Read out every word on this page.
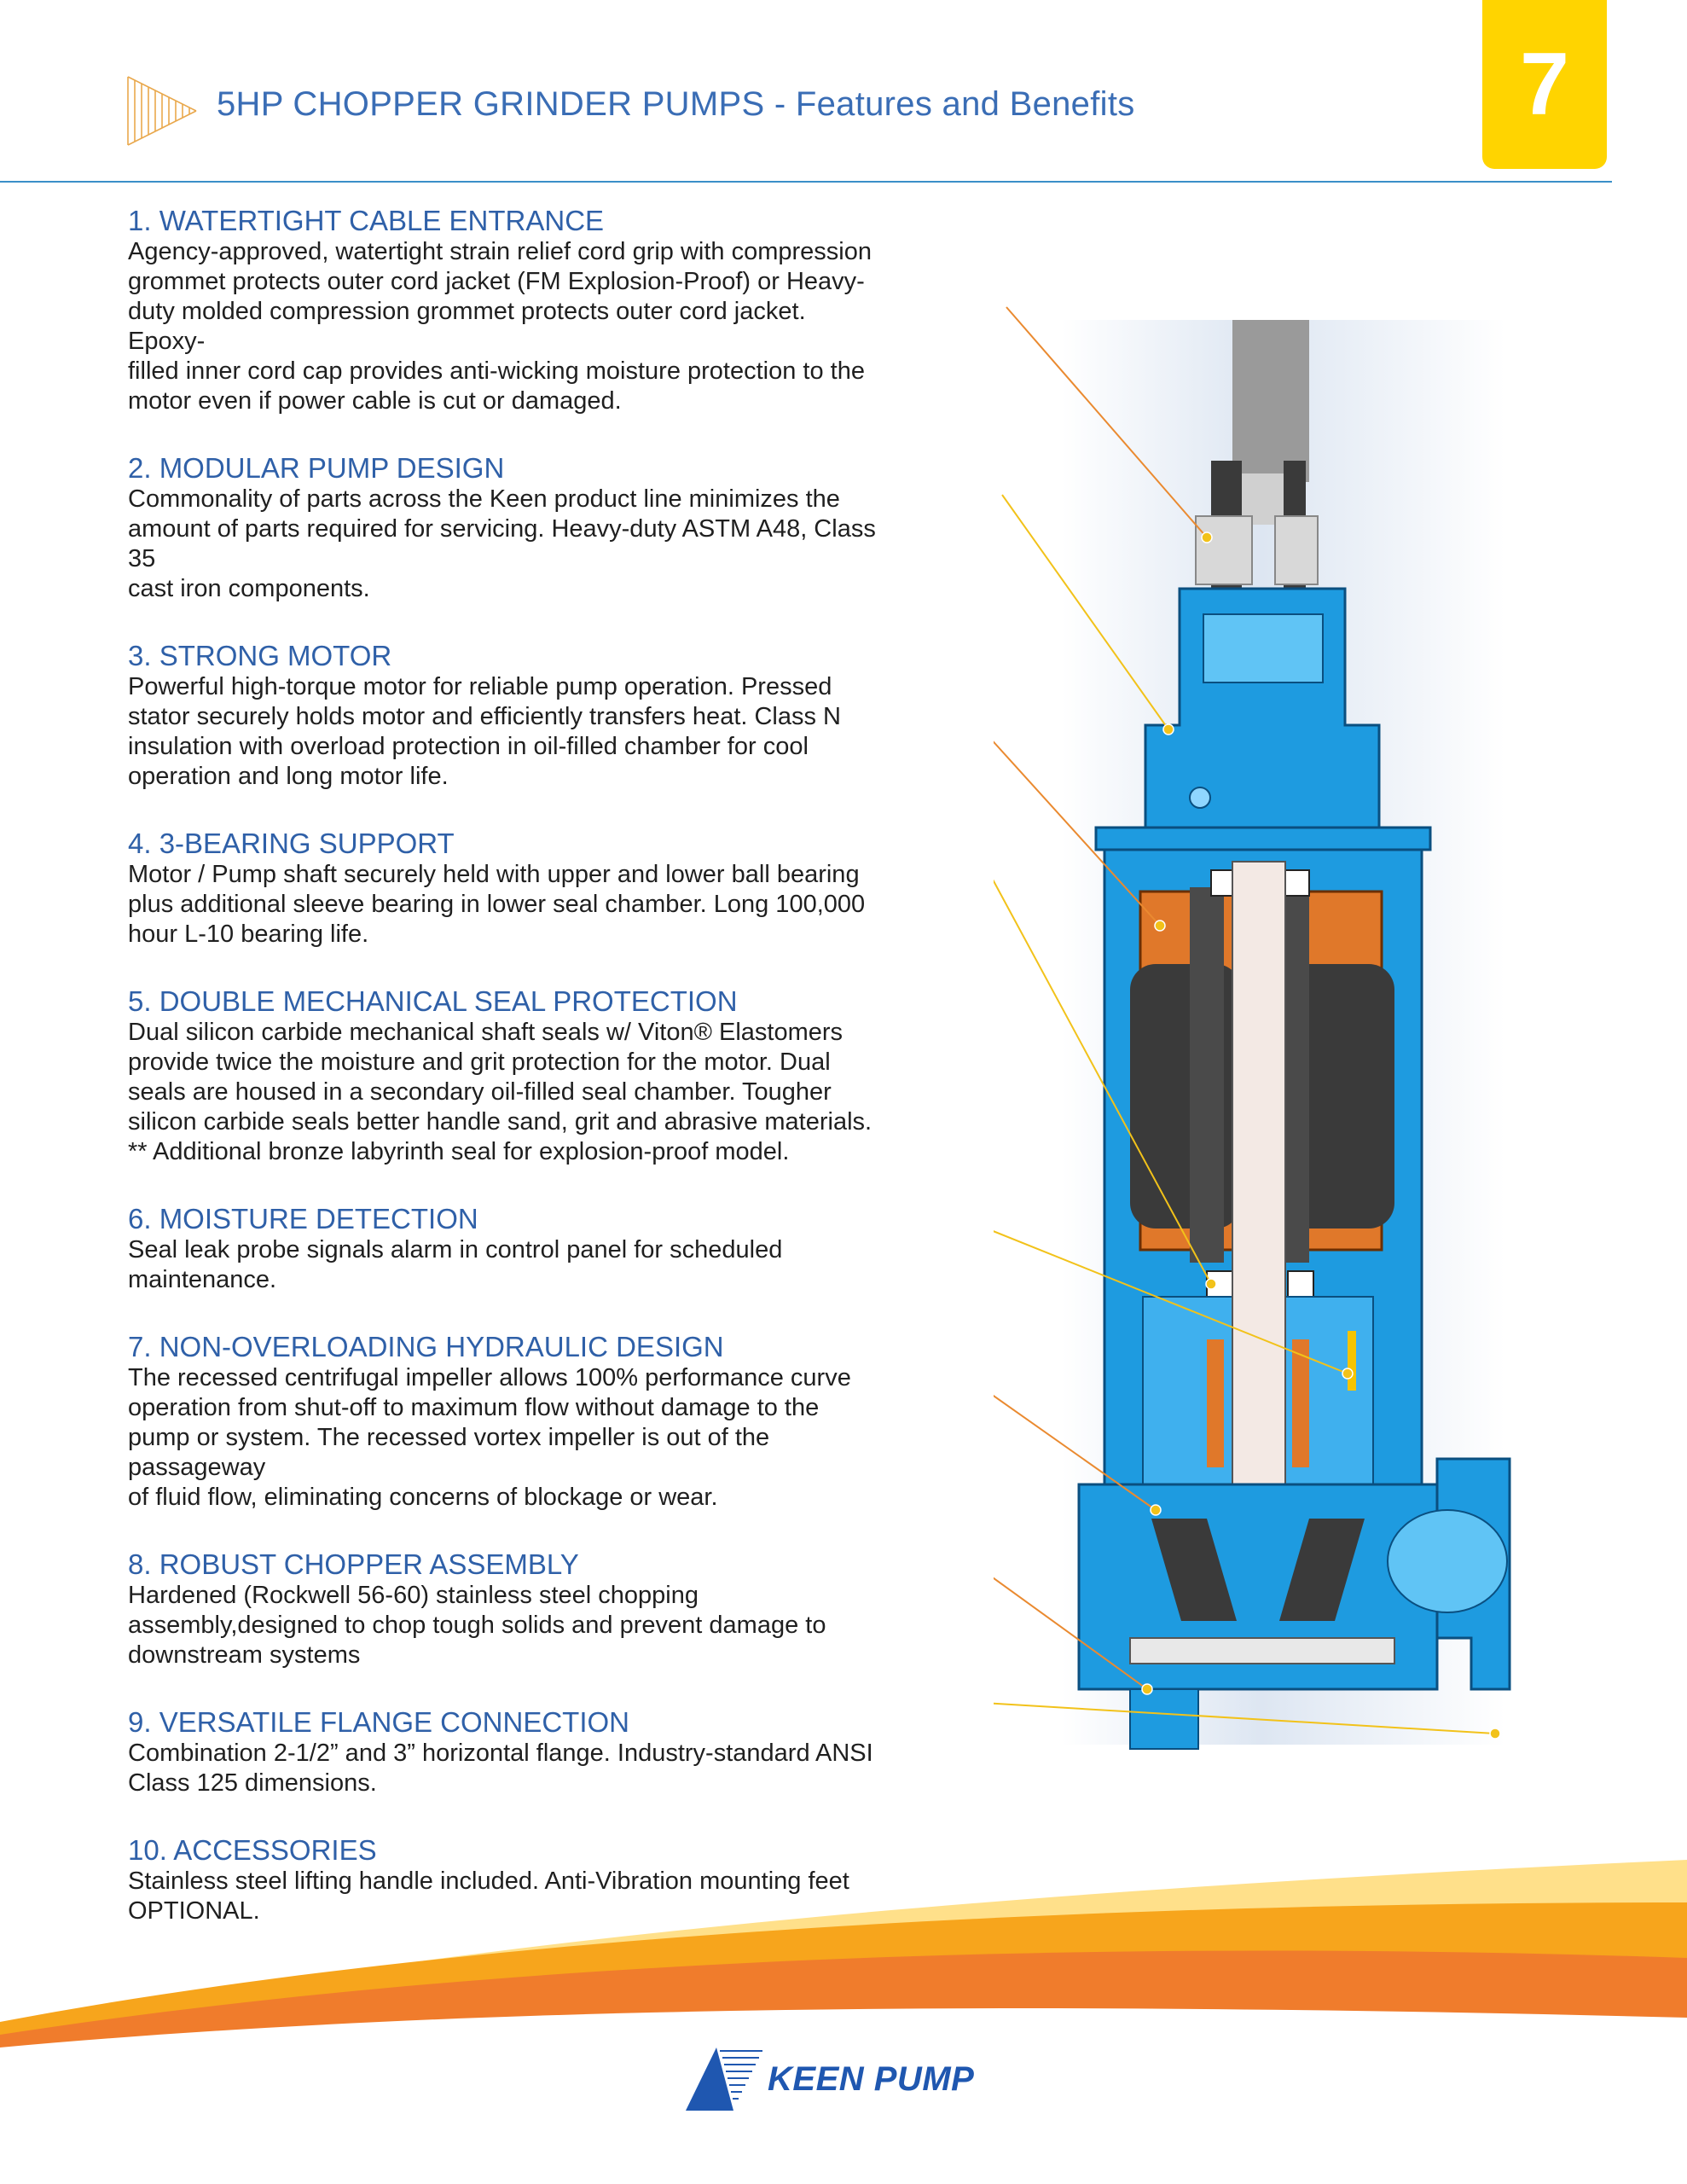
5HP CHOPPER GRINDER PUMPS - Features and Benefits	7
1. WATERTIGHT CABLE ENTRANCE
Agency-approved, watertight strain relief cord grip with compression
grommet protects outer cord jacket (FM Explosion-Proof) or Heavy-
duty molded compression grommet protects outer cord jacket.
Epoxy-
filled inner cord cap provides anti-wicking moisture protection to the
motor even if power cable is cut or damaged.
2. MODULAR PUMP DESIGN
Commonality of parts across the Keen product line minimizes the
amount of parts required for servicing. Heavy-duty ASTM A48, Class
35
cast iron components.
3. STRONG MOTOR
Powerful high-torque motor for reliable pump operation. Pressed
stator securely holds motor and efficiently transfers heat. Class N
insulation with overload protection in oil-filled chamber for cool
operation and long motor life.
4. 3-BEARING SUPPORT
Motor / Pump shaft securely held with upper and lower ball bearing
plus additional sleeve bearing in lower seal chamber. Long 100,000
hour L-10 bearing life.
5. DOUBLE MECHANICAL SEAL PROTECTION
Dual silicon carbide mechanical shaft seals w/ Viton® Elastomers
provide twice the moisture and grit protection for the motor. Dual
seals are housed in a secondary oil-filled seal chamber. Tougher
silicon carbide seals better handle sand, grit and abrasive materials.
** Additional bronze labyrinth seal for explosion-proof model.
6. MOISTURE DETECTION
Seal leak probe signals alarm in control panel for scheduled
maintenance.
7. NON-OVERLOADING HYDRAULIC DESIGN
The recessed centrifugal impeller allows 100% performance curve
operation from shut-off to maximum flow without damage to the
pump or system. The recessed vortex impeller is out of the
passageway
of fluid flow, eliminating concerns of blockage or wear.
8. ROBUST CHOPPER ASSEMBLY
Hardened (Rockwell 56-60) stainless steel chopping
assembly,designed to chop tough solids and prevent damage to
downstream systems
9. VERSATILE FLANGE CONNECTION
Combination 2-1/2” and 3” horizontal flange. Industry-standard ANSI
Class 125 dimensions.
10. ACCESSORIES
Stainless steel lifting handle included. Anti-Vibration mounting feet
OPTIONAL.
KEEN PUMP
